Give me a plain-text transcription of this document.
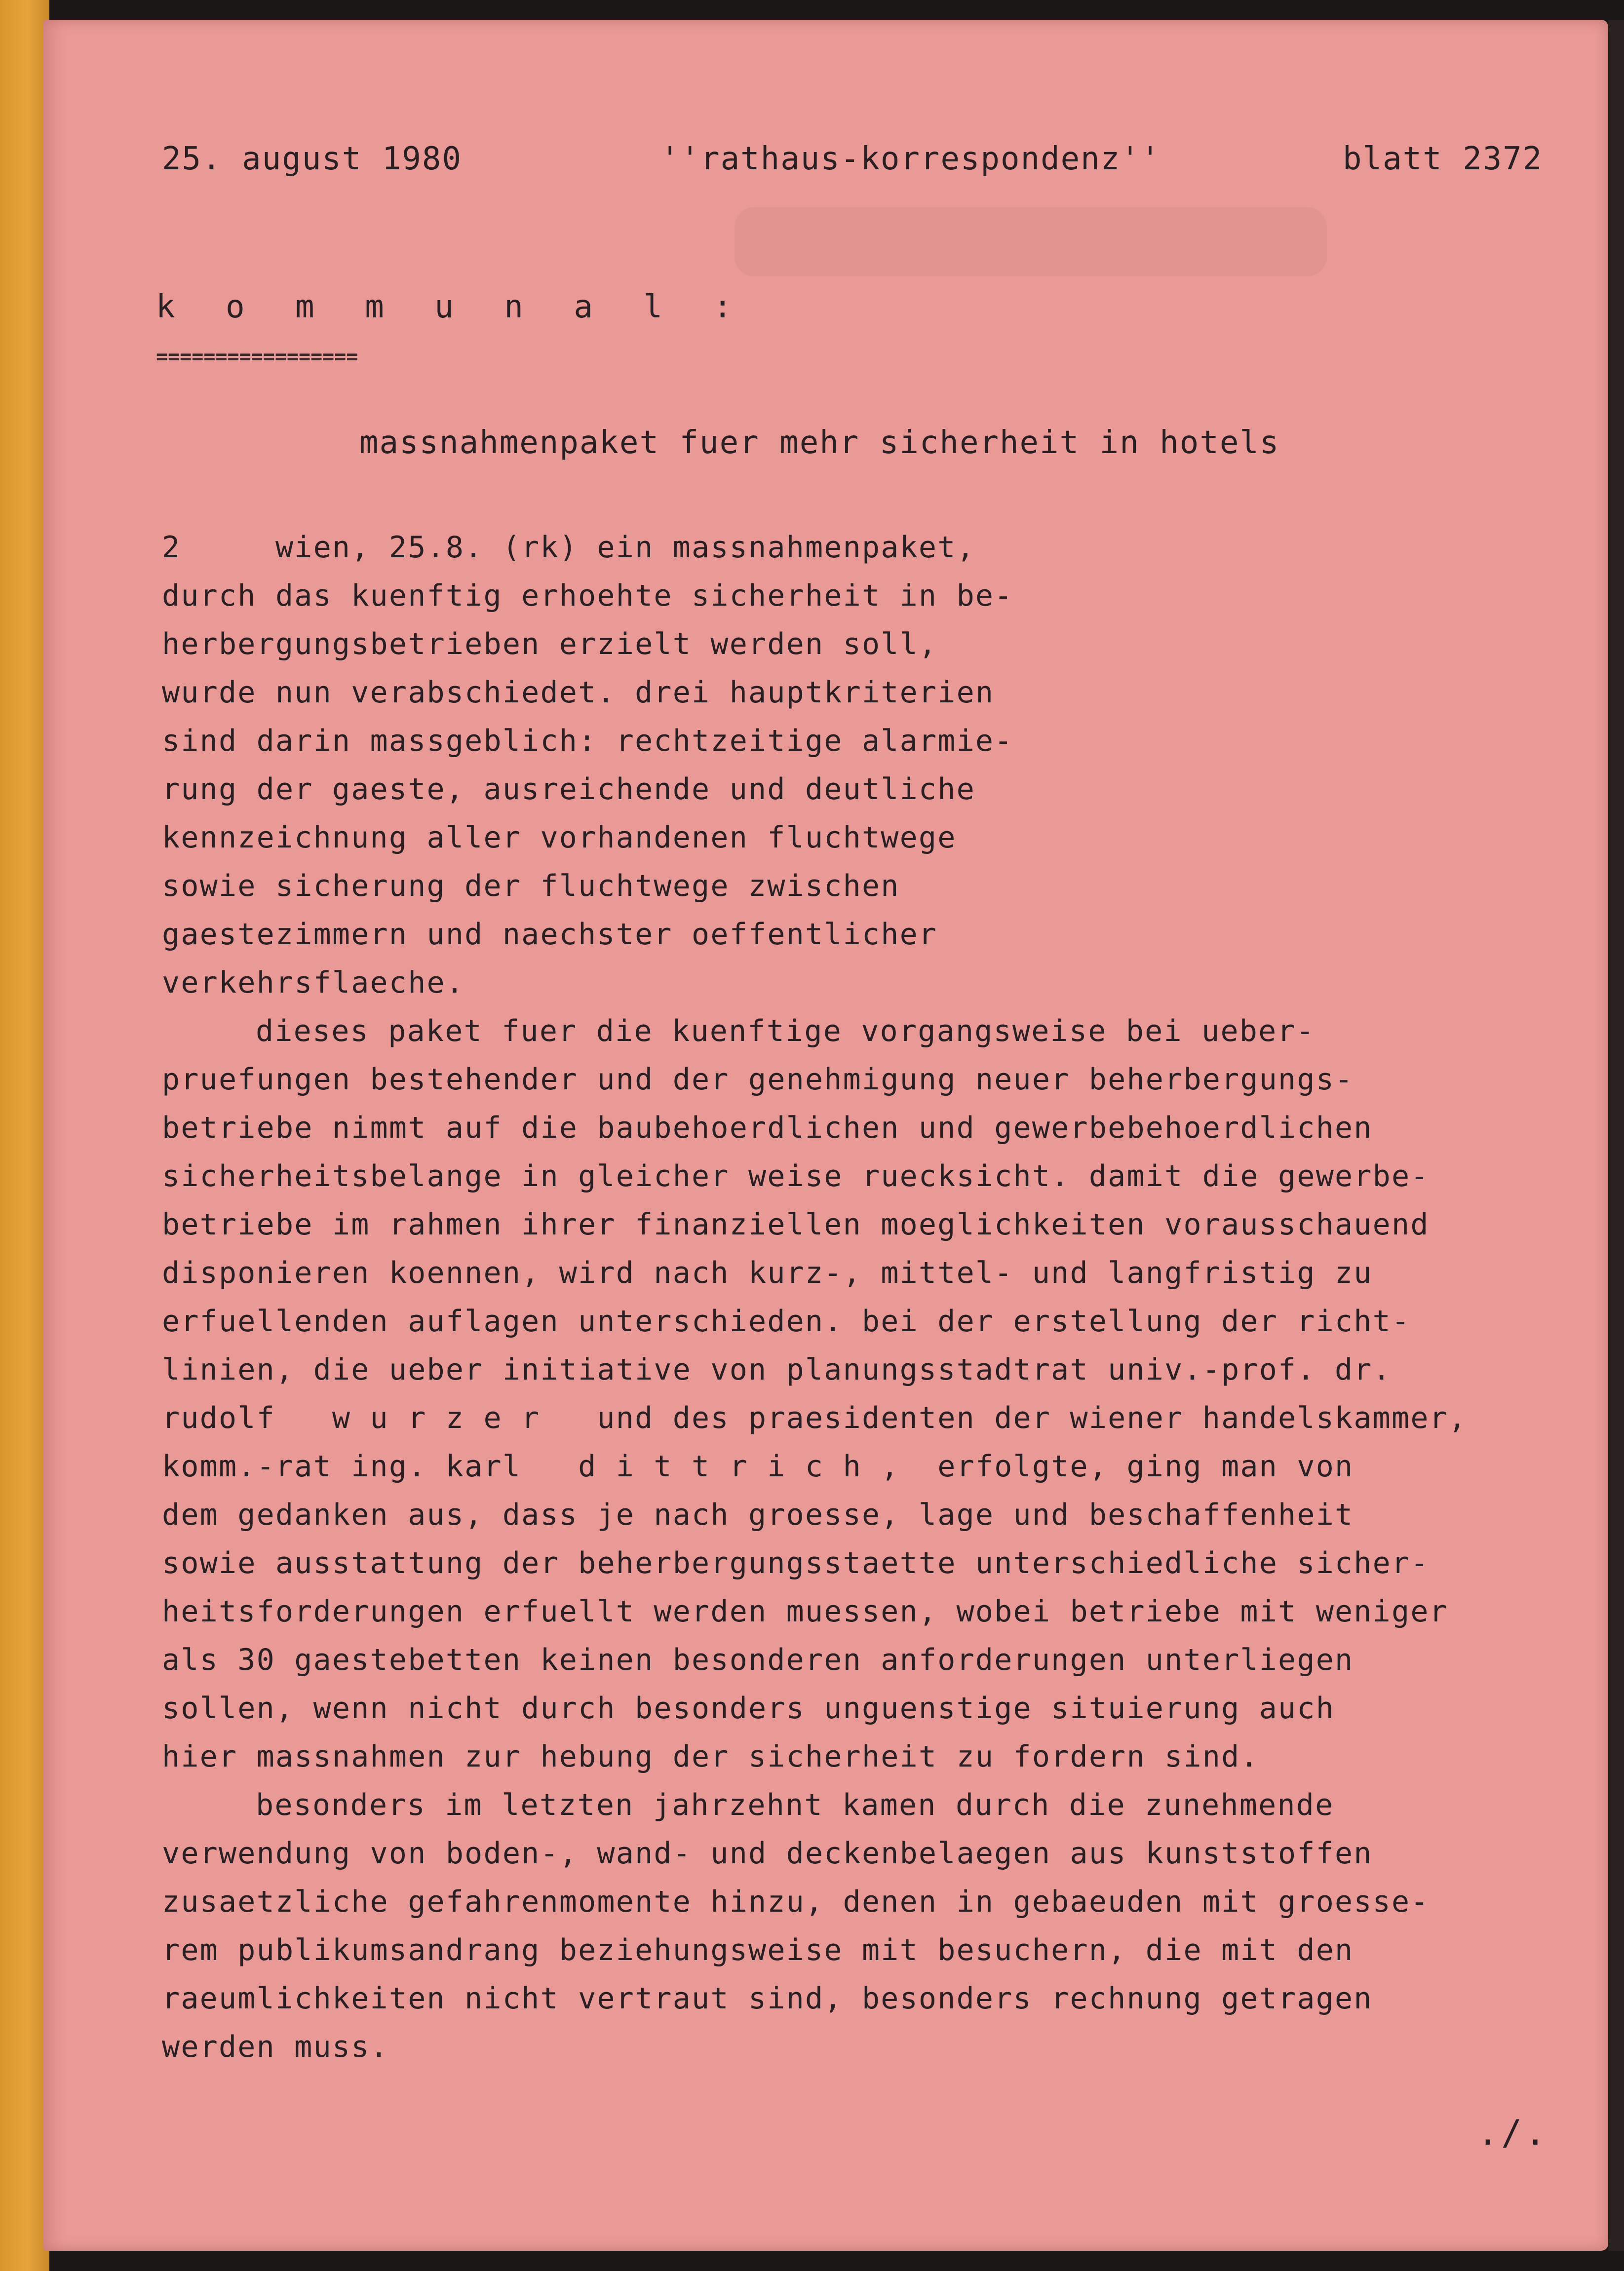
25. august 1980	''rathaus-korrespondenz''	blatt 2372
k o m m u n a l :
=================
massnahmenpaket fuer mehr sicherheit in hotels
2     wien, 25.8. (rk) ein massnahmenpaket,
durch das kuenftig erhoehte sicherheit in be-
herbergungsbetrieben erzielt werden soll,
wurde nun verabschiedet. drei hauptkriterien
sind darin massgeblich: rechtzeitige alarmie-
rung der gaeste, ausreichende und deutliche
kennzeichnung aller vorhandenen fluchtwege
sowie sicherung der fluchtwege zwischen
gaestezimmern und naechster oeffentlicher
verkehrsflaeche.
dieses paket fuer die kuenftige vorgangsweise bei ueber-
pruefungen bestehender und der genehmigung neuer beherbergungs-
betriebe nimmt auf die baubehoerdlichen und gewerbebehoerdlichen
sicherheitsbelange in gleicher weise ruecksicht. damit die gewerbe-
betriebe im rahmen ihrer finanziellen moeglichkeiten vorausschauend
disponieren koennen, wird nach kurz-, mittel- und langfristig zu
erfuellenden auflagen unterschieden. bei der erstellung der richt-
linien, die ueber initiative von planungsstadtrat univ.-prof. dr.
rudolf   w u r z e r   und des praesidenten der wiener handelskammer,
komm.-rat ing. karl   d i t t r i c h ,  erfolgte, ging man von
dem gedanken aus, dass je nach groesse, lage und beschaffenheit
sowie ausstattung der beherbergungsstaette unterschiedliche sicher-
heitsforderungen erfuellt werden muessen, wobei betriebe mit weniger
als 30 gaestebetten keinen besonderen anforderungen unterliegen
sollen, wenn nicht durch besonders unguenstige situierung auch
hier massnahmen zur hebung der sicherheit zu fordern sind.
besonders im letzten jahrzehnt kamen durch die zunehmende
verwendung von boden-, wand- und deckenbelaegen aus kunststoffen
zusaetzliche gefahrenmomente hinzu, denen in gebaeuden mit groesse-
rem publikumsandrang beziehungsweise mit besuchern, die mit den
raeumlichkeiten nicht vertraut sind, besonders rechnung getragen
werden muss.
./.
